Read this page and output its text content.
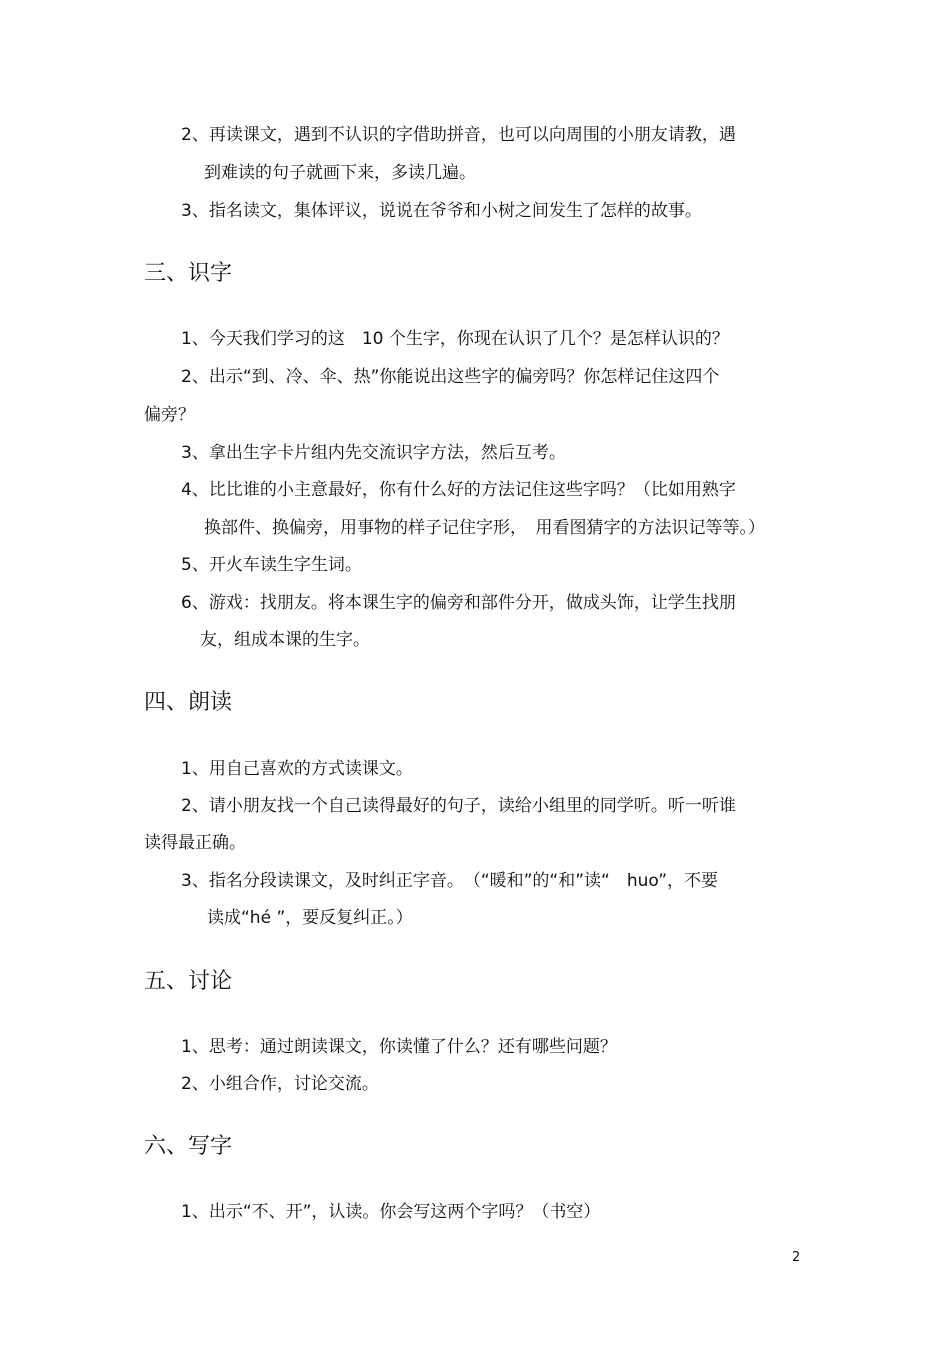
2、再读课文，遇到不认识的字借助拼音，也可以向周围的小朋友请教，遇
到难读的句子就画下来，多读几遍。
3、指名读文，集体评议，说说在爷爷和小树之间发生了怎样的故事。
三、识字
1、今天我们学习的这　10 个生字，你现在认识了几个？是怎样认识的？
2、出示“到、冷、伞、热”你能说出这些字的偏旁吗？你怎样记住这四个
偏旁？
3、拿出生字卡片组内先交流识字方法，然后互考。
4、比比谁的小主意最好，你有什么好的方法记住这些字吗？（比如用熟字
换部件、换偏旁，用事物的样子记住字形，　用看图猜字的方法识记等等。）
5、开火车读生字生词。
6、游戏：找朋友。将本课生字的偏旁和部件分开，做成头饰，让学生找朋
友，组成本课的生字。
四、朗读
1、用自己喜欢的方式读课文。
2、请小朋友找一个自己读得最好的句子，读给小组里的同学听。听一听谁
读得最正确。
3、指名分段读课文，及时纠正字音。　（“暖和”的“和”读“　huo”，不要
读成“hé ”，要反复纠正。）
五、讨论
1、思考：通过朗读课文，你读懂了什么？还有哪些问题？
2、小组合作，讨论交流。
六、写字
1、出示“不、开”，认读。你会写这两个字吗？（书空）
2
